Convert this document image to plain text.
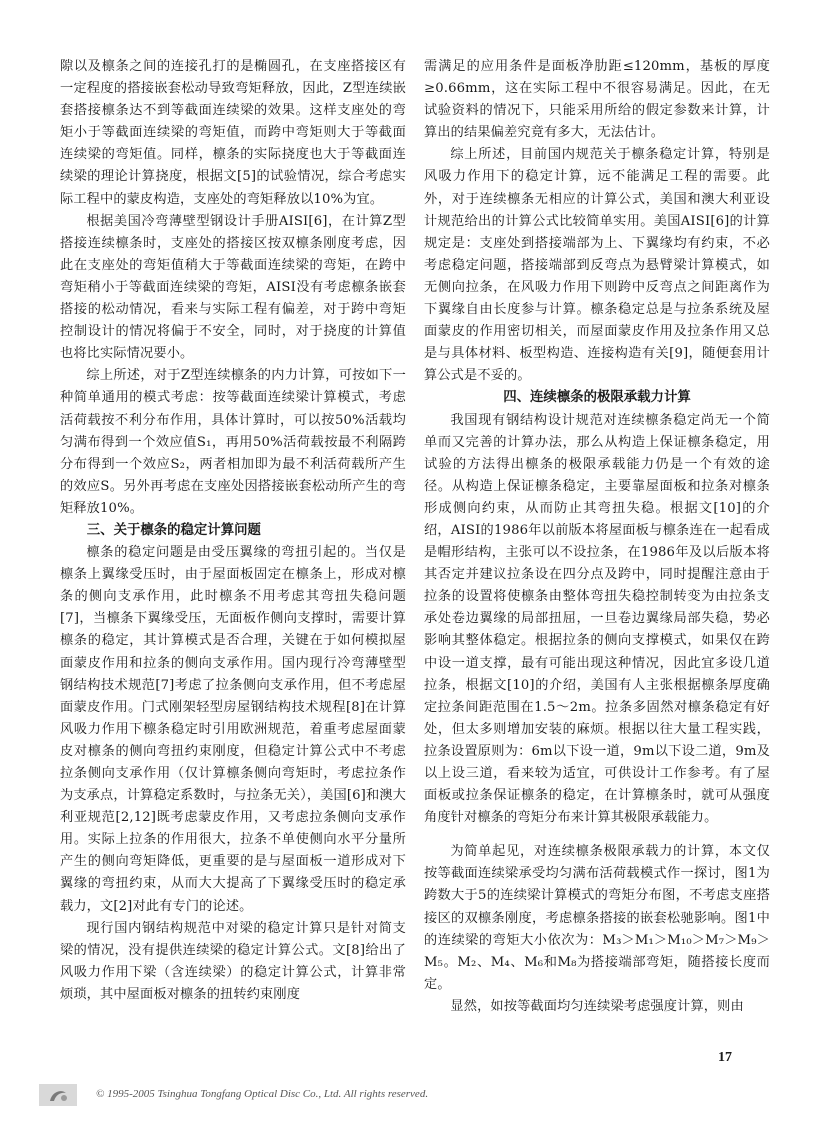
隙以及檩条之间的连接孔打的是椭圆孔，在支座搭接区有一定程度的搭接嵌套松动导致弯矩释放，因此，Z型连续嵌套搭接檩条达不到等截面连续梁的效果。这样支座处的弯矩小于等截面连续梁的弯矩值，而跨中弯矩则大于等截面连续梁的弯矩值。同样，檩条的实际挠度也大于等截面连续梁的理论计算挠度，根据文[5]的试验情况，综合考虑实际工程中的蒙皮构造，支座处的弯矩释放以10%为宜。

根据美国冷弯薄壁型钢设计手册AISI[6]，在计算Z型搭接连续檩条时，支座处的搭接区按双檩条刚度考虑，因此在支座处的弯矩值稍大于等截面连续梁的弯矩，在跨中弯矩稍小于等截面连续梁的弯矩，AISI没有考虑檩条嵌套搭接的松动情况，看来与实际工程有偏差，对于跨中弯矩控制设计的情况将偏于不安全，同时，对于挠度的计算值也将比实际情况要小。

综上所述，对于Z型连续檩条的内力计算，可按如下一种简单通用的模式考虑：按等截面连续梁计算模式，考虑活荷载按不利分布作用，具体计算时，可以按50%活载均匀满布得到一个效应值S₁，再用50%活荷载按最不利隔跨分布得到一个效应S₂，两者相加即为最不利活荷载所产生的效应S。另外再考虑在支座处因搭接嵌套松动所产生的弯矩释放10%。

三、关于檩条的稳定计算问题

檩条的稳定问题是由受压翼缘的弯扭引起的。当仅是檩条上翼缘受压时，由于屋面板固定在檩条上，形成对檩条的侧向支承作用，此时檩条不用考虑其弯扭失稳问题[7]，当檩条下翼缘受压，无面板作侧向支撑时，需要计算檩条的稳定，其计算模式是否合理，关键在于如何模拟屋面蒙皮作用和拉条的侧向支承作用。国内现行冷弯薄壁型钢结构技术规范[7]考虑了拉条侧向支承作用，但不考虑屋面蒙皮作用。门式刚架轻型房屋钢结构技术规程[8]在计算风吸力作用下檩条稳定时引用欧洲规范，着重考虑屋面蒙皮对檩条的侧向弯扭约束刚度，但稳定计算公式中不考虑拉条侧向支承作用（仅计算檩条侧向弯矩时，考虑拉条作为支承点，计算稳定系数时，与拉条无关），美国[6]和澳大利亚规范[2,12]既考虑蒙皮作用，又考虑拉条侧向支承作用。实际上拉条的作用很大，拉条不单使侧向水平分量所产生的侧向弯矩降低，更重要的是与屋面板一道形成对下翼缘的弯扭约束，从而大大提高了下翼缘受压时的稳定承载力，文[2]对此有专门的论述。

现行国内钢结构规范中对梁的稳定计算只是针对简支梁的情况，没有提供连续梁的稳定计算公式。文[8]给出了风吸力作用下梁（含连续梁）的稳定计算公式，计算非常烦琐，其中屋面板对檩条的扭转约束刚度

需满足的应用条件是面板净肋距≤120mm，基板的厚度≥0.66mm，这在实际工程中不很容易满足。因此，在无试验资料的情况下，只能采用所给的假定参数来计算，计算出的结果偏差究竟有多大，无法估计。

综上所述，目前国内规范关于檩条稳定计算，特别是风吸力作用下的稳定计算，远不能满足工程的需要。此外，对于连续檩条无相应的计算公式，美国和澳大利亚设计规范给出的计算公式比较简单实用。美国AISI[6]的计算规定是：支座处到搭接端部为上、下翼缘均有约束，不必考虑稳定问题，搭接端部到反弯点为悬臂梁计算模式，如无侧向拉条，在风吸力作用下则跨中反弯点之间距离作为下翼缘自由长度参与计算。檩条稳定总是与拉条系统及屋面蒙皮的作用密切相关，而屋面蒙皮作用及拉条作用又总是与具体材料、板型构造、连接构造有关[9]，随便套用计算公式是不妥的。

四、连续檩条的极限承载力计算

我国现有钢结构设计规范对连续檩条稳定尚无一个简单而又完善的计算办法，那么从构造上保证檩条稳定，用试验的方法得出檩条的极限承载能力仍是一个有效的途径。从构造上保证檩条稳定，主要靠屋面板和拉条对檩条形成侧向约束，从而防止其弯扭失稳。根据文[10]的介绍，AISI的1986年以前版本将屋面板与檩条连在一起看成是帽形结构，主张可以不设拉条，在1986年及以后版本将其否定并建议拉条设在四分点及跨中，同时提醒注意由于拉条的设置将使檩条由整体弯扭失稳控制转变为由拉条支承处卷边翼缘的局部扭屈，一旦卷边翼缘局部失稳，势必影响其整体稳定。根据拉条的侧向支撑模式，如果仅在跨中设一道支撑，最有可能出现这种情况，因此宜多设几道拉条，根据文[10]的介绍，美国有人主张根据檩条厚度确定拉条间距范围在1.5～2m。拉条多固然对檩条稳定有好处，但太多则增加安装的麻烦。根据以往大量工程实践，拉条设置原则为：6m以下设一道，9m以下设二道，9m及以上设三道，看来较为适宜，可供设计工作参考。有了屋面板或拉条保证檩条的稳定，在计算檩条时，就可从强度角度针对檩条的弯矩分布来计算其极限承载能力。

为简单起见，对连续檩条极限承载力的计算，本文仅按等截面连续梁承受均匀满布活荷载模式作一探讨，图1为跨数大于5的连续梁计算模式的弯矩分布图，不考虑支座搭接区的双檩条刚度，考虑檩条搭接的嵌套松驰影响。图1中的连续梁的弯矩大小依次为：M₃＞M₁＞M₁₀＞M₇＞M₉＞M₅。M₂、M₄、M₆和M₈为搭接端部弯矩，随搭接长度而定。

显然，如按等截面均匀连续梁考虑强度计算，则由

17
© 1995-2005 Tsinghua Tongfang Optical Disc Co., Ltd. All rights reserved.
